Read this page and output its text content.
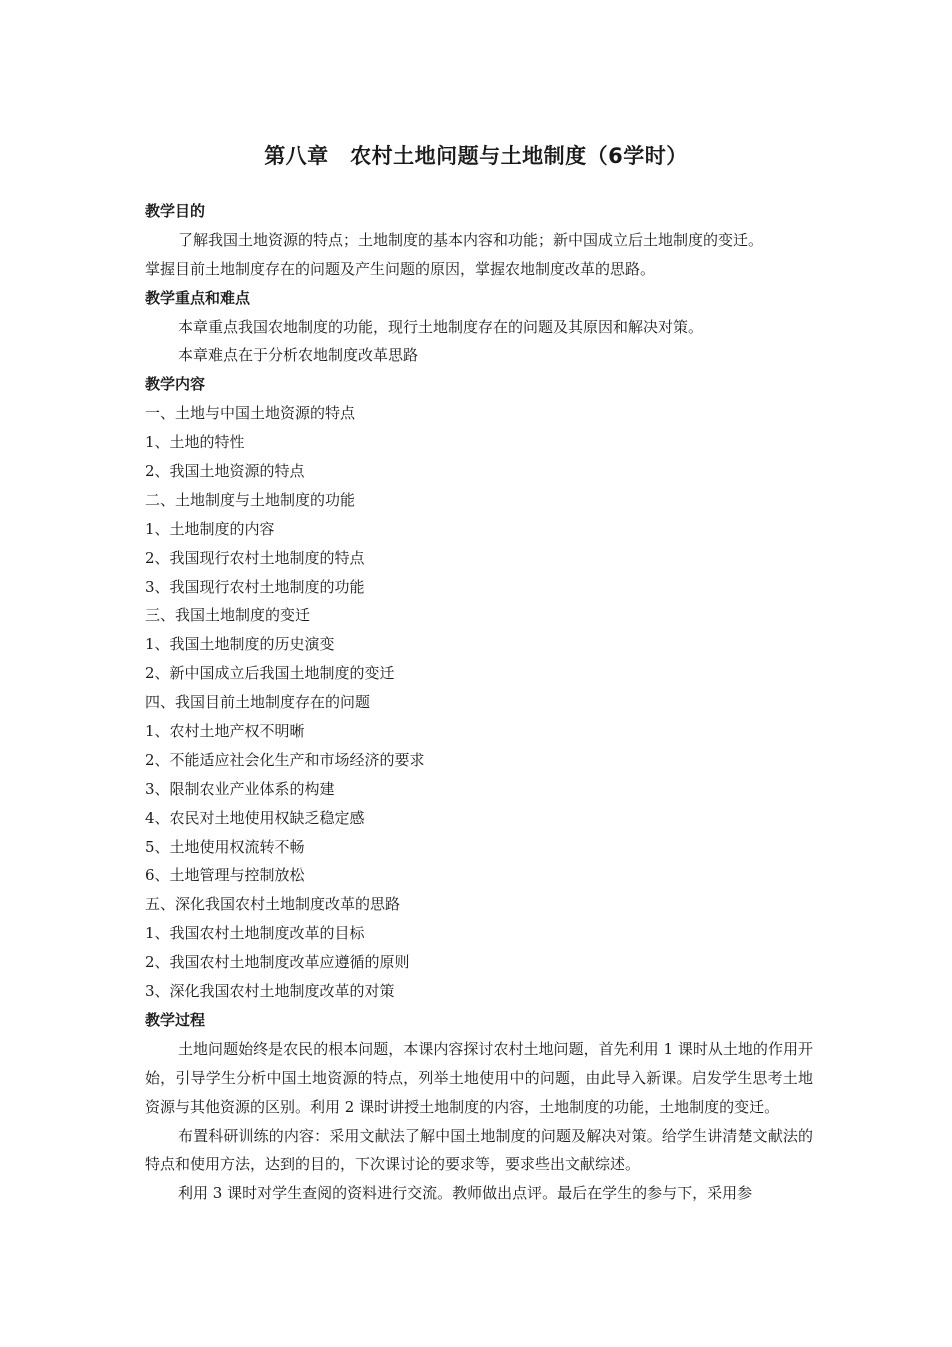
第八章　农村土地问题与土地制度（6学时）
教学目的
了解我国土地资源的特点；土地制度的基本内容和功能；新中国成立后土地制度的变迁。
掌握目前土地制度存在的问题及产生问题的原因，掌握农地制度改革的思路。
教学重点和难点
本章重点我国农地制度的功能，现行土地制度存在的问题及其原因和解决对策。
本章难点在于分析农地制度改革思路
教学内容
一、土地与中国土地资源的特点
1、土地的特性
2、我国土地资源的特点
二、土地制度与土地制度的功能
1、土地制度的内容
2、我国现行农村土地制度的特点
3、我国现行农村土地制度的功能
三、我国土地制度的变迁
1、我国土地制度的历史演变
2、新中国成立后我国土地制度的变迁
四、我国目前土地制度存在的问题
1、农村土地产权不明晰
2、不能适应社会化生产和市场经济的要求
3、限制农业产业体系的构建
4、农民对土地使用权缺乏稳定感
5、土地使用权流转不畅
6、土地管理与控制放松
五、深化我国农村土地制度改革的思路
1、我国农村土地制度改革的目标
2、我国农村土地制度改革应遵循的原则
3、深化我国农村土地制度改革的对策
教学过程

土地问题始终是农民的根本问题，本课内容探讨农村土地问题，首先利用 1 课时从土地的作用开始，引导学生分析中国土地资源的特点，列举土地使用中的问题，由此导入新课。启发学生思考土地资源与其他资源的区别。利用 2 课时讲授土地制度的内容，土地制度的功能，土地制度的变迁。

布置科研训练的内容：采用文献法了解中国土地制度的问题及解决对策。给学生讲清楚文献法的特点和使用方法，达到的目的，下次课讨论的要求等，要求些出文献综述。

利用 3 课时对学生查阅的资料进行交流。教师做出点评。最后在学生的参与下，采用参
